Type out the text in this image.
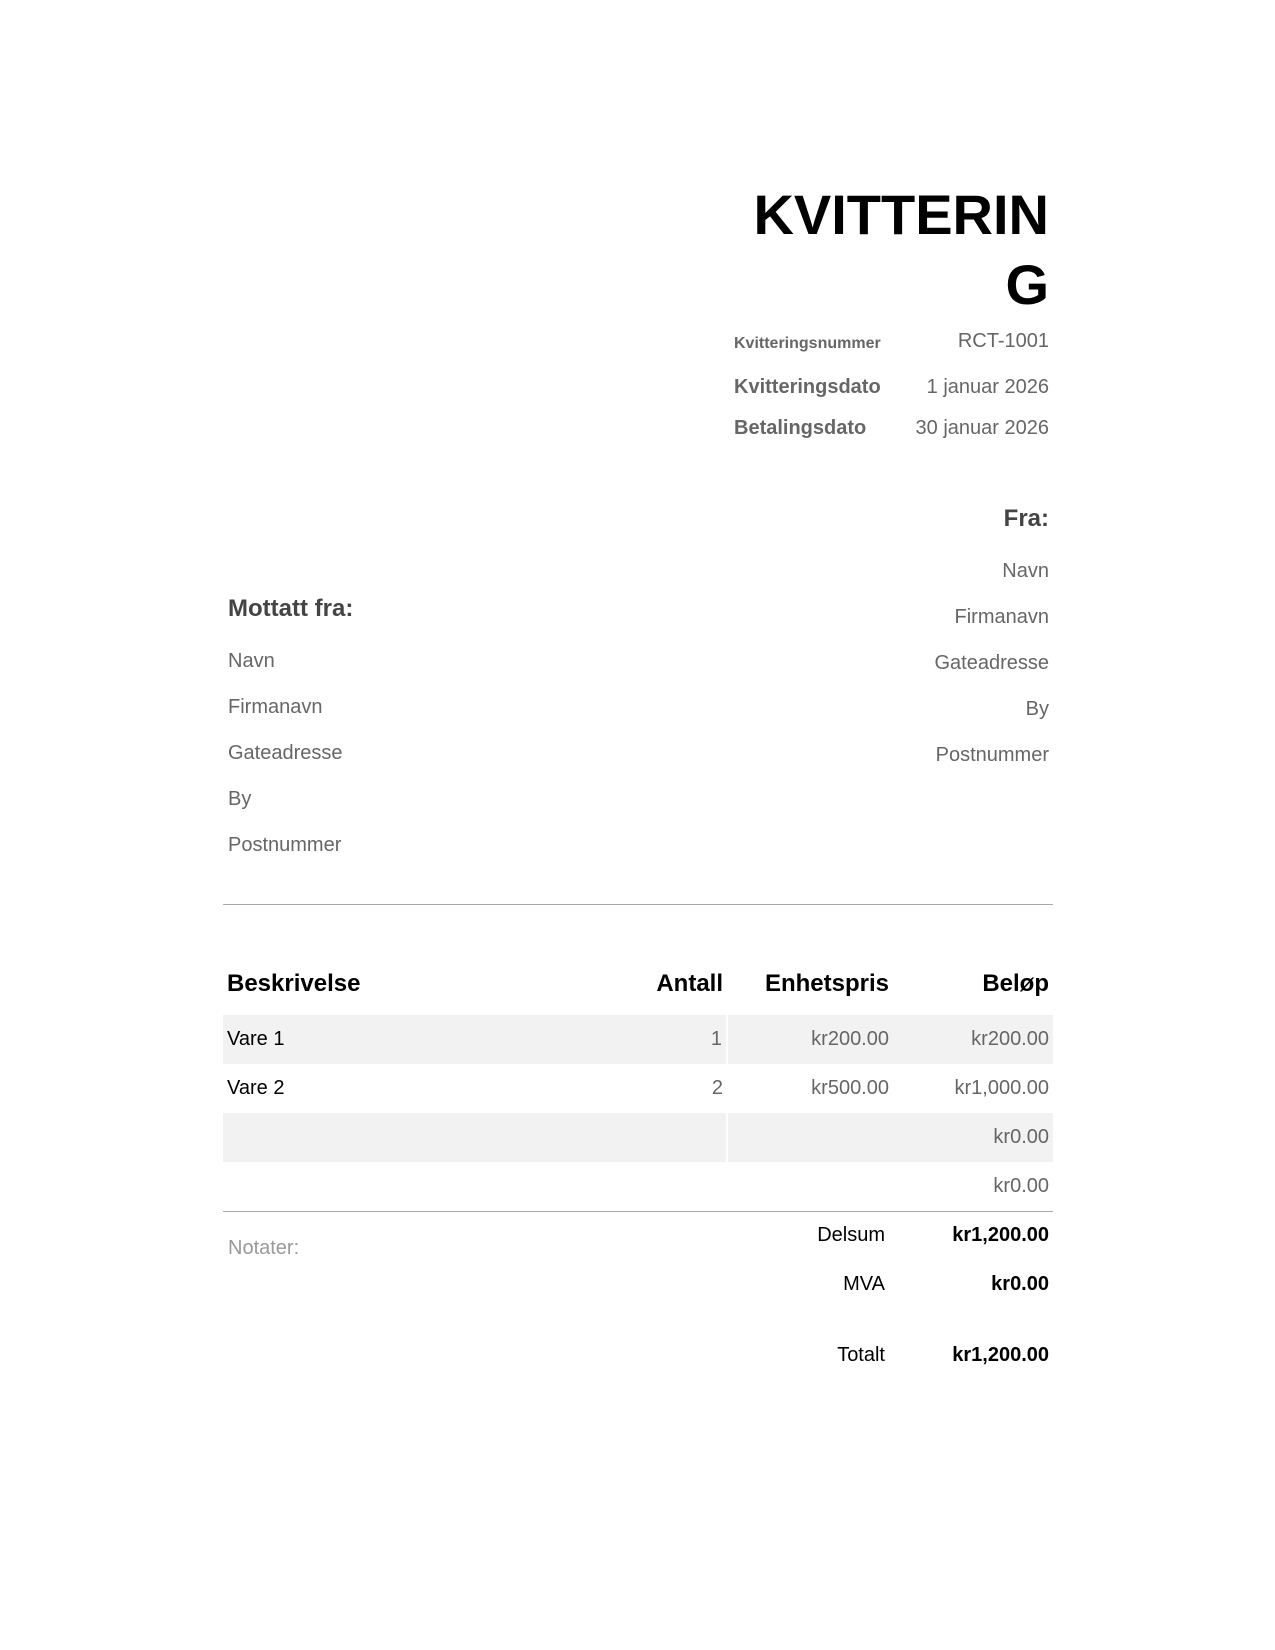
KVITTERING
Kvitteringsnummer	RCT-1001
Kvitteringsdato	1 januar 2026
Betalingsdato	30 januar 2026

Fra:

Navn

Firmanavn

Gateadresse

By

Postnummer

Mottatt fra:

Navn

Firmanavn

Gateadresse

By

Postnummer

Beskrivelse	Antall	Enhetspris	Beløp
Vare 1	1	kr200.00	kr200.00
Vare 2	2	kr500.00	kr1,000.00
			kr0.00
			kr0.00
Notater:
Delsum	kr1,200.00
MVA	kr0.00
Totalt	kr1,200.00
